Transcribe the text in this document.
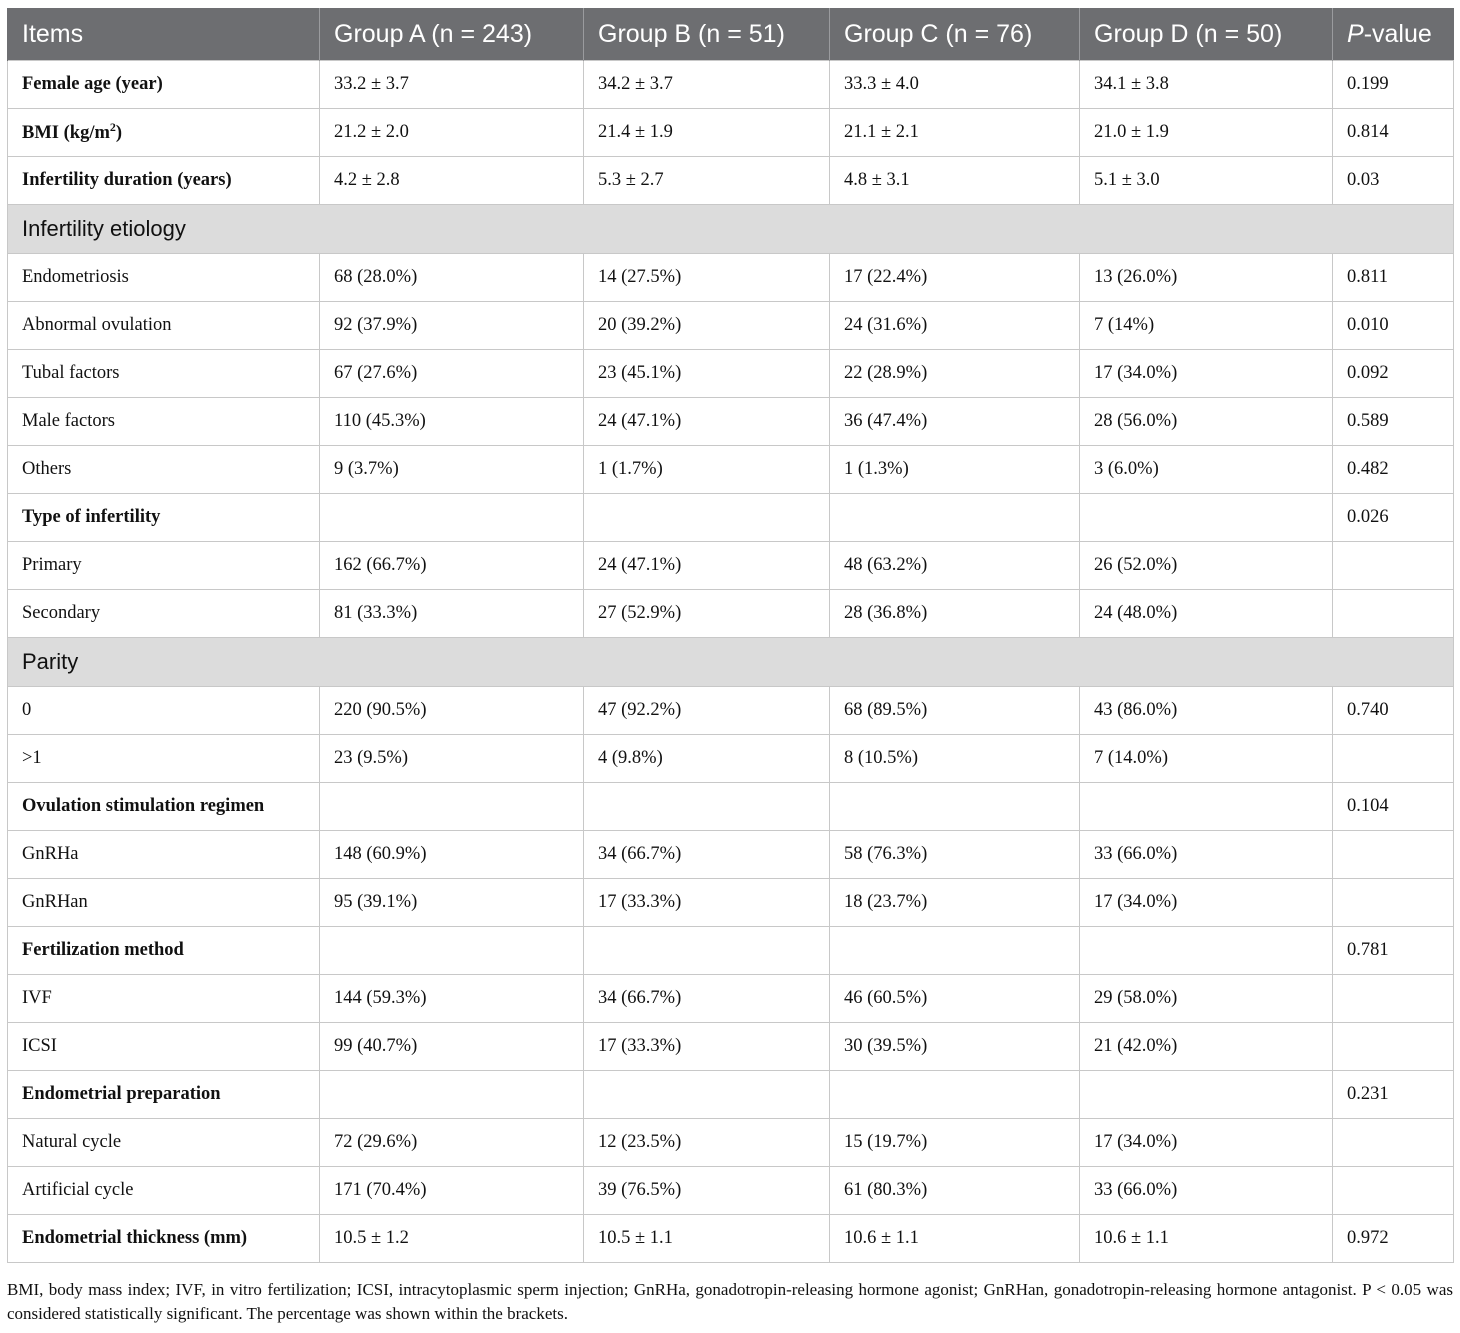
Items	Group A (n = 243)	Group B (n = 51)	Group C (n = 76)	Group D (n = 50)	P-value
Female age (year)	33.2 ± 3.7	34.2 ± 3.7	33.3 ± 4.0	34.1 ± 3.8	0.199
BMI $(kg/m^2)$	21.2 ± 2.0	21.4 ± 1.9	21.1 ± 2.1	21.0 ± 1.9	0.814
Infertility duration (years)	4.2 ± 2.8	5.3 ± 2.7	4.8 ± 3.1	5.1 ± 3.0	0.03
Infertility etiology					
Endometriosis	68 (28.0%)	14 (27.5%)	17 (22.4%)	13 (26.0%)	0.811
Abnormal ovulation	92 (37.9%)	20 (39.2%)	24 (31.6%)	7 (14%)	0.010
Tubal factors	67 (27.6%)	23 (45.1%)	22 (28.9%)	17 (34.0%)	0.092
Male factors	110 (45.3%)	24 (47.1%)	36 (47.4%)	28 (56.0%)	0.589
Others	9 (3.7%)	1 (1.7%)	1 (1.3%)	3 (6.0%)	0.482
Type of infertility					0.026
Primary	162 (66.7%)	24 (47.1%)	48 (63.2%)	26 (52.0%)	
Secondary	81 (33.3%)	27 (52.9%)	28 (36.8%)	24 (48.0%)	
Parity					
0	220 (90.5%)	47 (92.2%)	68 (89.5%)	43 (86.0%)	0.740
>1	23 (9.5%)	4 (9.8%)	8 (10.5%)	7 (14.0%)	
Ovulation stimulation regimen					0.104
GnRHa	148 (60.9%)	34 (66.7%)	58 (76.3%)	33 (66.0%)	
GnRHan	95 (39.1%)	17 (33.3%)	18 (23.7%)	17 (34.0%)	
Fertilization method					0.781
IVF	144 (59.3%)	34 (66.7%)	46 (60.5%)	29 (58.0%)	
ICSI	99 (40.7%)	17 (33.3%)	30 (39.5%)	21 (42.0%)	
Endometrial preparation					0.231
Natural cycle	72 (29.6%)	12 (23.5%)	15 (19.7%)	17 (34.0%)	
Artificial cycle	171 (70.4%)	39 (76.5%)	61 (80.3%)	33 (66.0%)	
Endometrial thickness (mm)	10.5 ± 1.2	10.5 ± 1.1	10.6 ± 1.1	10.6 ± 1.1	0.972
BMI, body mass index; IVF, in vitro fertilization; ICSI, intracytoplasmic sperm injection; GnRHa, gonadotropin-releasing hormone agonist; GnRHan, gonadotropin-releasing hormone antagonist. P < 0.05 was considered statistically significant. The percentage was shown within the brackets.
